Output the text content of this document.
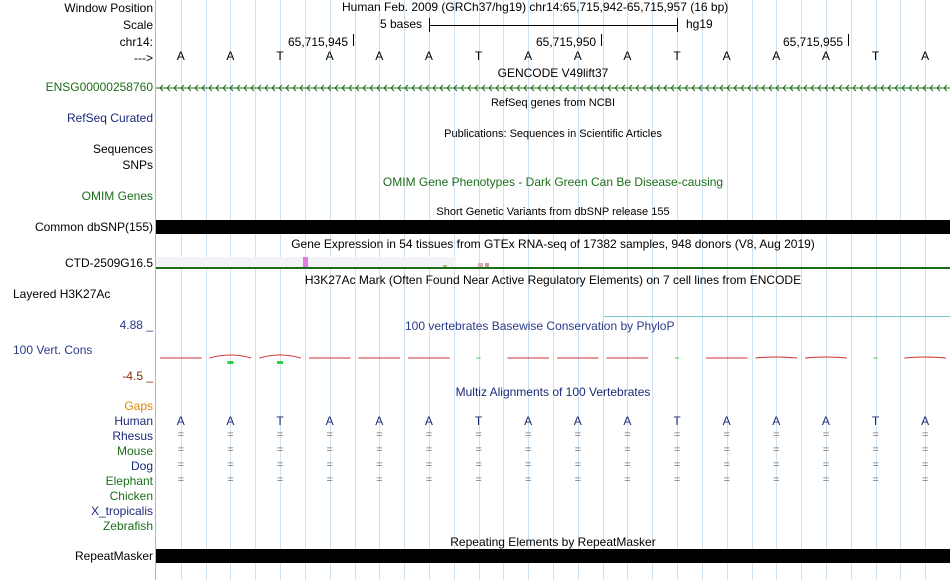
Window Position
Scale
chr14:
--->
ENSG00000258760
RefSeq Curated
Sequences
SNPs
OMIM Genes
Common dbSNP(155)
CTD-2509G16.5
Layered H3K27Ac
4.88 _
100 Vert. Cons
-4.5 _
Gaps
Human
Rhesus
Mouse
Dog
Elephant
Chicken
X_tropicalis
Zebrafish
RepeatMasker
Human Feb. 2009 (GRCh37/hg19) chr14:65,715,942-65,715,957 (16 bp)
5 bases	hg19
65,715,945	65,715,950	65,715,955
A	A	T	A	A	A	T	A	A	A	T	A	A	A	T	A
GENCODE V49lift37
RefSeq genes from NCBI
Publications: Sequences in Scientific Articles
OMIM Gene Phenotypes - Dark Green Can Be Disease-causing
Short Genetic Variants from dbSNP release 155
Gene Expression in 54 tissues from GTEx RNA-seq of 17382 samples, 948 donors (V8, Aug 2019)
H3K27Ac Mark (Often Found Near Active Regulatory Elements) on 7 cell lines from ENCODE
100 vertebrates Basewise Conservation by PhyloP
Multiz Alignments of 100 Vertebrates
A	A	T	A	A	A	T	A	A	A	T	A	A	A	T	A
=	=	=	=	=	=	=	=	=	=	=	=	=	=	=	=
=	=	=	=	=	=	=	=	=	=	=	=	=	=	=	=
=	=	=	=	=	=	=	=	=	=	=	=	=	=	=	=
=	=	=	=	=	=	=	=	=	=	=	=	=	=	=	=
Repeating Elements by RepeatMasker
